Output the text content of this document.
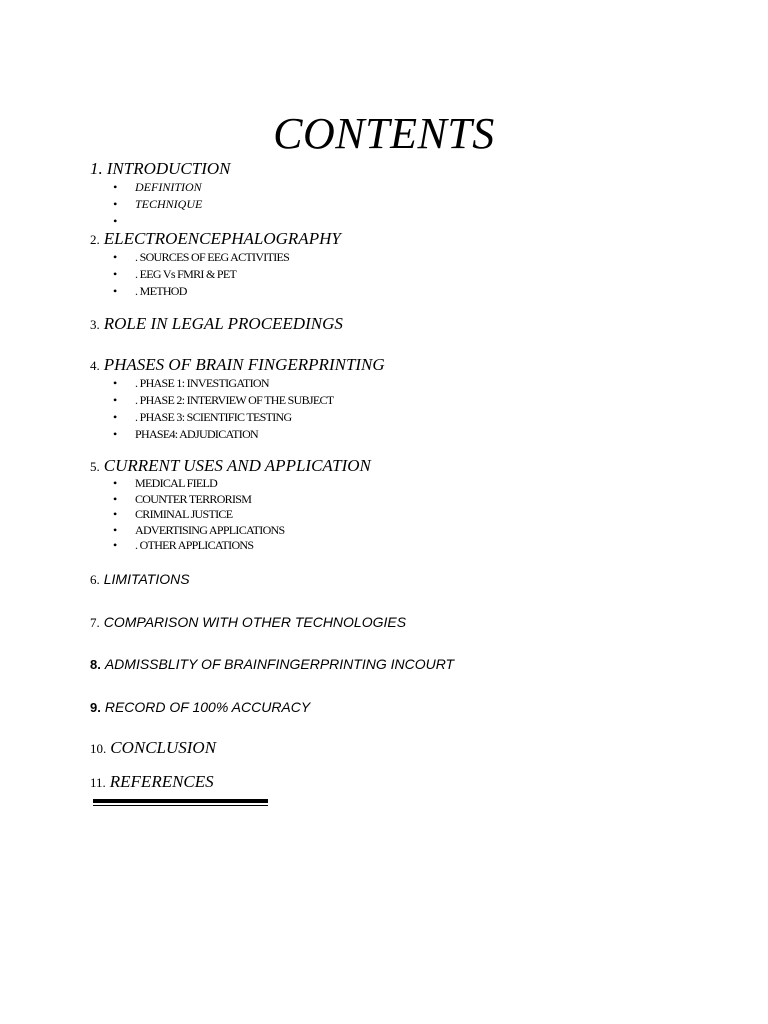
CONTENTS
1. INTRODUCTION
• DEFINITION
• TECHNIQUE
•
2. ELECTROENCEPHALOGRAPHY
• . SOURCES OF EEG ACTIVITIES
• . EEG Vs FMRI & PET
• . METHOD
3. ROLE IN LEGAL PROCEEDINGS
4. PHASES OF BRAIN FINGERPRINTING
• . PHASE 1: INVESTIGATION
• . PHASE 2: INTERVIEW OF THE SUBJECT
• . PHASE 3: SCIENTIFIC TESTING
• PHASE4: ADJUDICATION
5. CURRENT USES AND APPLICATION
• MEDICAL FIELD
• COUNTER TERRORISM
• CRIMINAL JUSTICE
• ADVERTISING APPLICATIONS
• . OTHER APPLICATIONS
6. LIMITATIONS
7. COMPARISON WITH OTHER TECHNOLOGIES
8. ADMISSBLITY OF BRAINFINGERPRINTING INCOURT
9. RECORD OF 100% ACCURACY
10. CONCLUSION
11. REFERENCES
